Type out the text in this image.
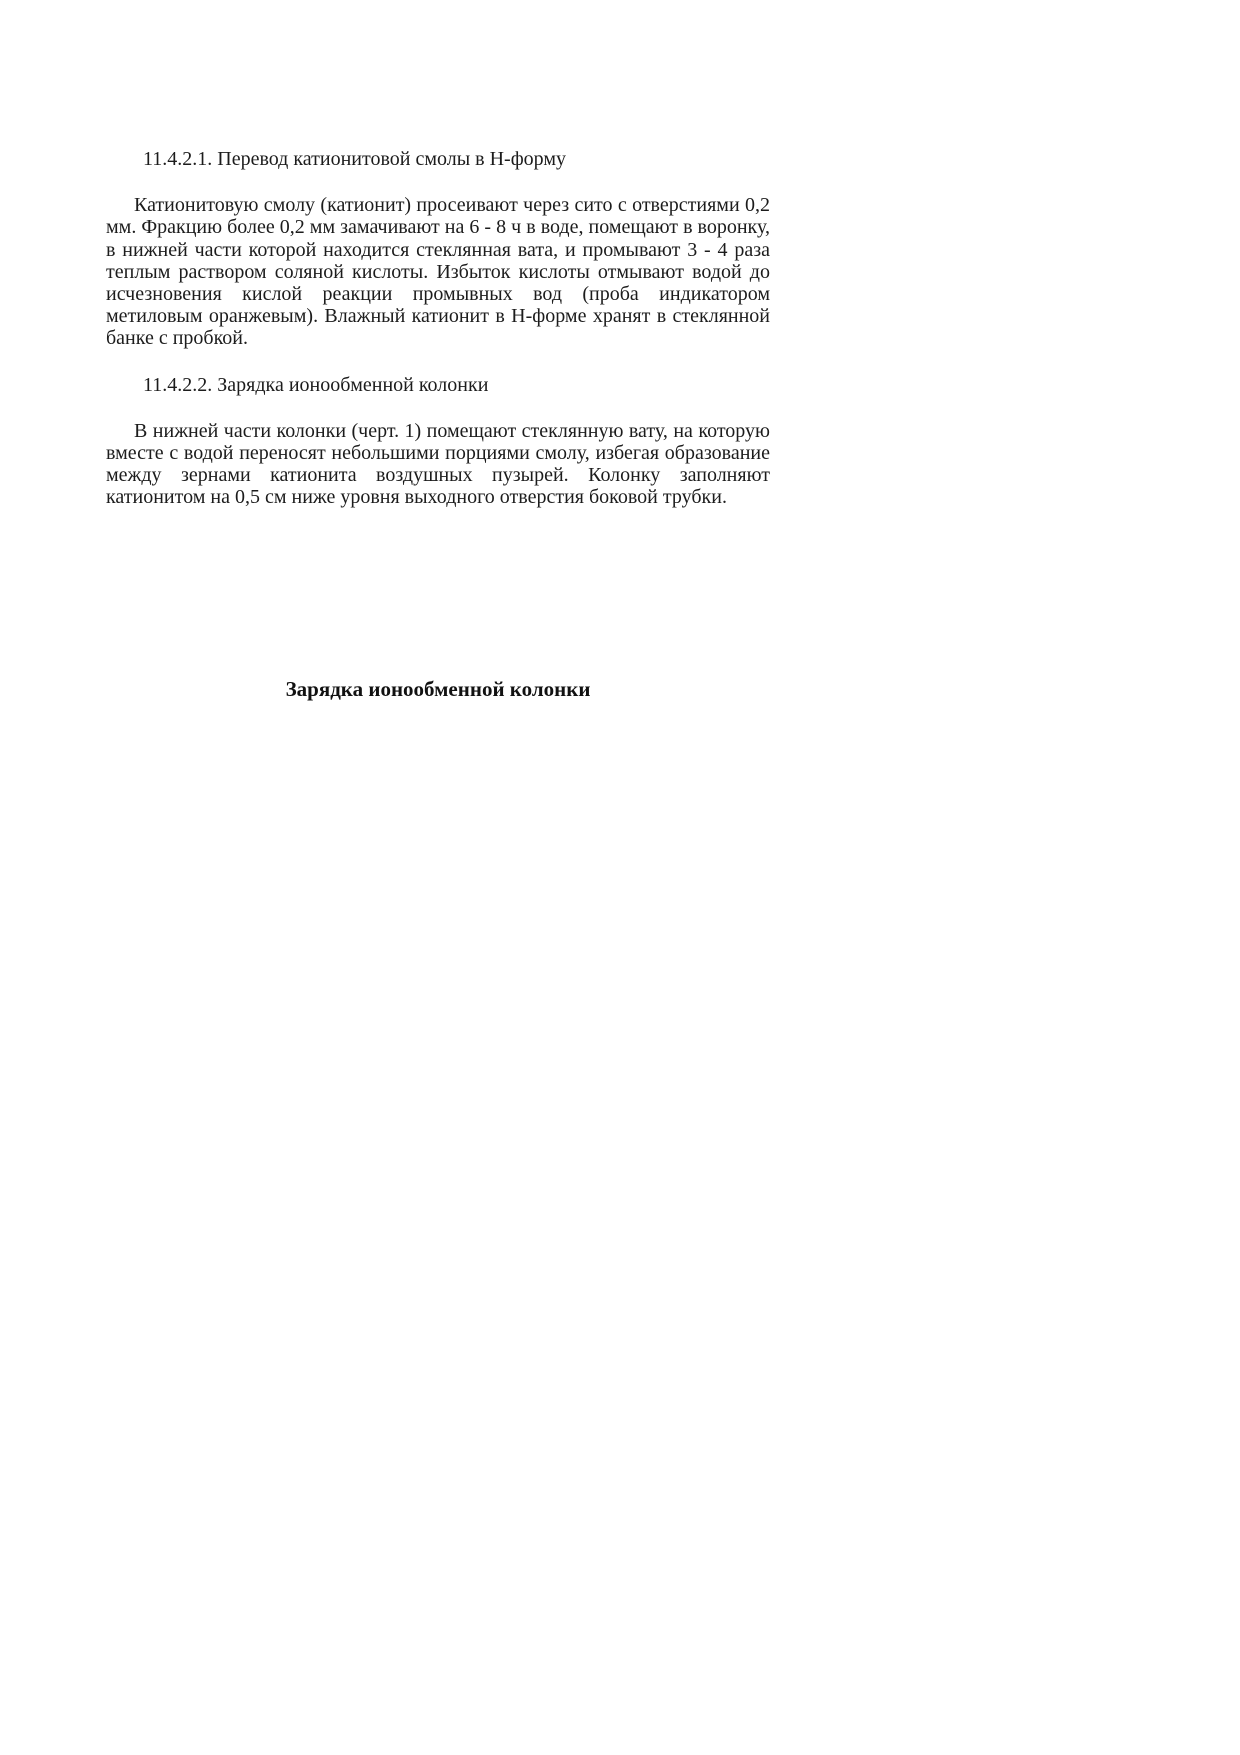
11.4.2.1. Перевод катионитовой смолы в Н-форму

Катионитовую смолу (катионит) просеивают через сито с отверстиями 0,2 мм. Фракцию более 0,2 мм замачивают на 6 - 8 ч в воде, помещают в воронку, в нижней части которой находится стеклянная вата, и промывают 3 - 4 раза теплым раствором соляной кислоты. Избыток кислоты отмывают водой до исчезновения кислой реакции промывных вод (проба индикатором метиловым оранжевым). Влажный катионит в Н-форме хранят в стеклянной банке с пробкой.

11.4.2.2. Зарядка ионообменной колонки

В нижней части колонки (черт. 1) помещают стеклянную вату, на которую вместе с водой переносят небольшими порциями смолу, избегая образование между зернами катионита воздушных пузырей. Колонку заполняют катионитом на 0,5 см ниже уровня выходного отверстия боковой трубки.

Зарядка ионообменной колонки
